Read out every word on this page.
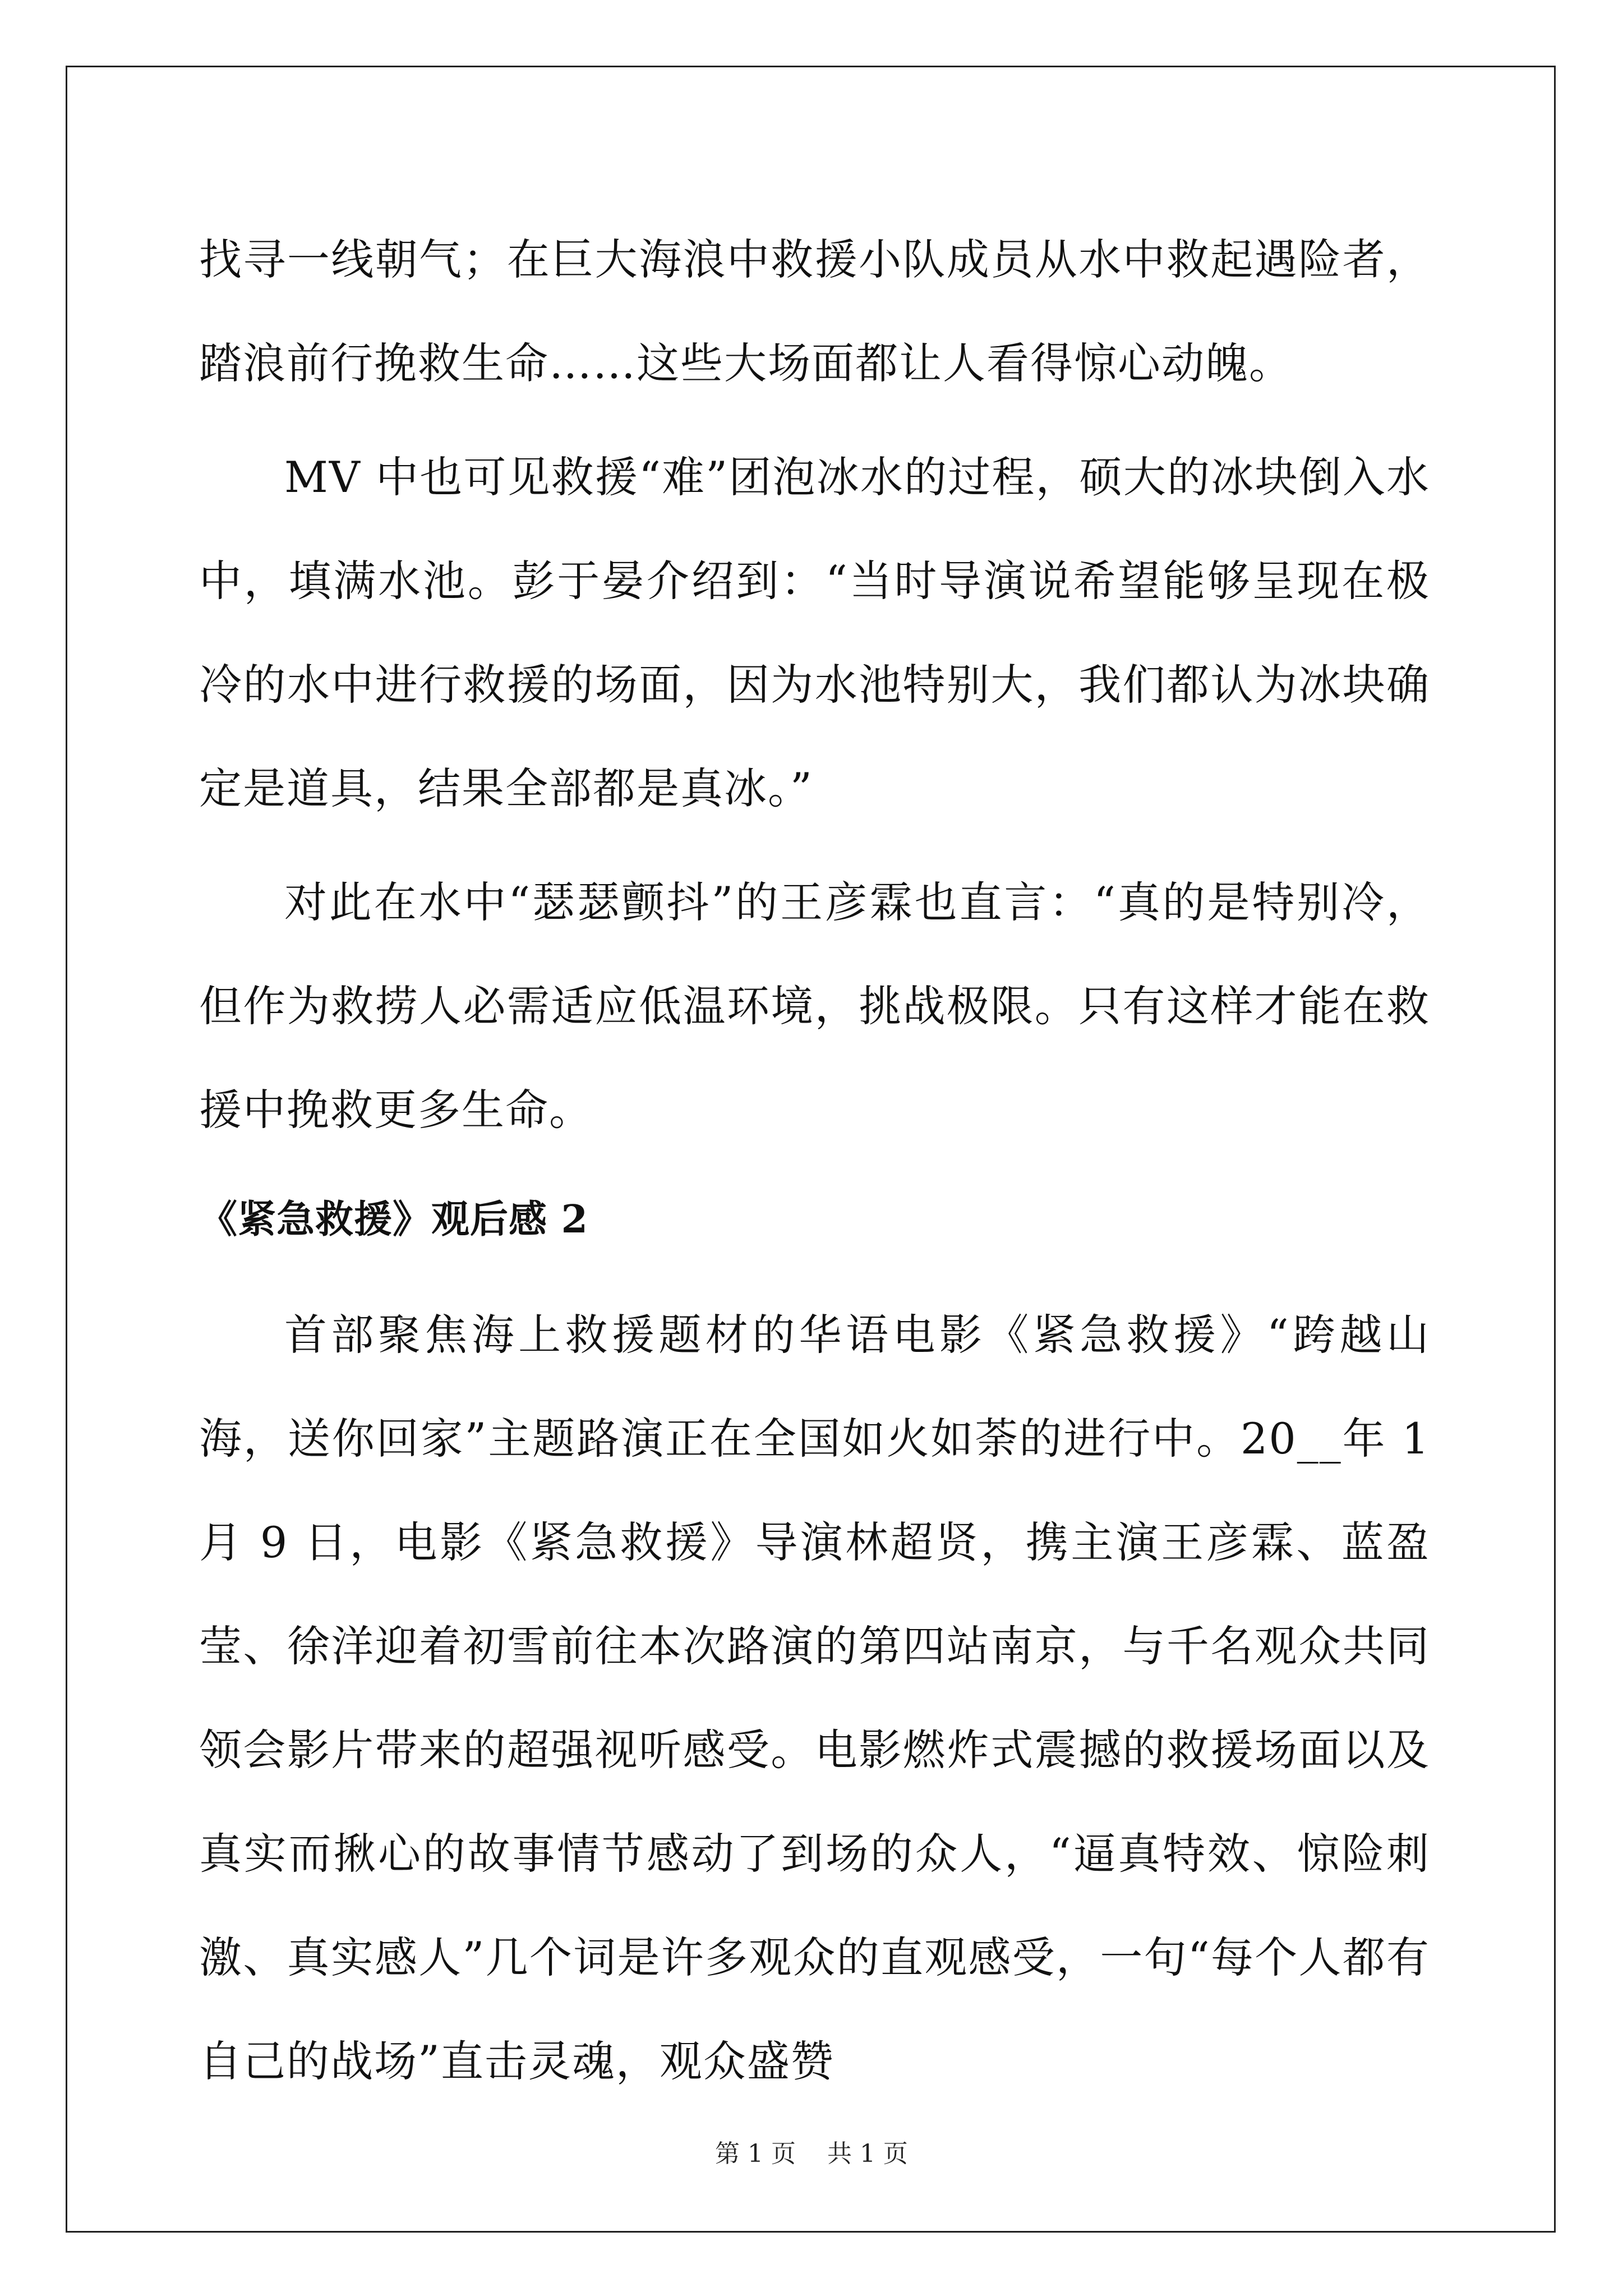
找寻一线朝气；在巨大海浪中救援小队成员从水中救起遇险者，踏浪前行挽救生命……这些大场面都让人看得惊心动魄。

MV 中也可见救援“难”团泡冰水的过程，硕大的冰块倒入水中，填满水池。彭于晏介绍到：“当时导演说希望能够呈现在极冷的水中进行救援的场面，因为水池特别大，我们都认为冰块确定是道具，结果全部都是真冰。”

对此在水中“瑟瑟颤抖”的王彦霖也直言：“真的是特别冷，但作为救捞人必需适应低温环境，挑战极限。只有这样才能在救援中挽救更多生命。

《紧急救援》观后感 2

首部聚焦海上救援题材的华语电影《紧急救援》“跨越山海，送你回家”主题路演正在全国如火如荼的进行中。20__年 1 月 9 日，电影《紧急救援》导演林超贤，携主演王彦霖、蓝盈莹、徐洋迎着初雪前往本次路演的第四站南京，与千名观众共同领会影片带来的超强视听感受。电影燃炸式震撼的救援场面以及真实而揪心的故事情节感动了到场的众人，“逼真特效、惊险刺激、真实感人”几个词是许多观众的直观感受，一句“每个人都有自己的战场”直击灵魂，观众盛赞

第 1 页 共 1 页
